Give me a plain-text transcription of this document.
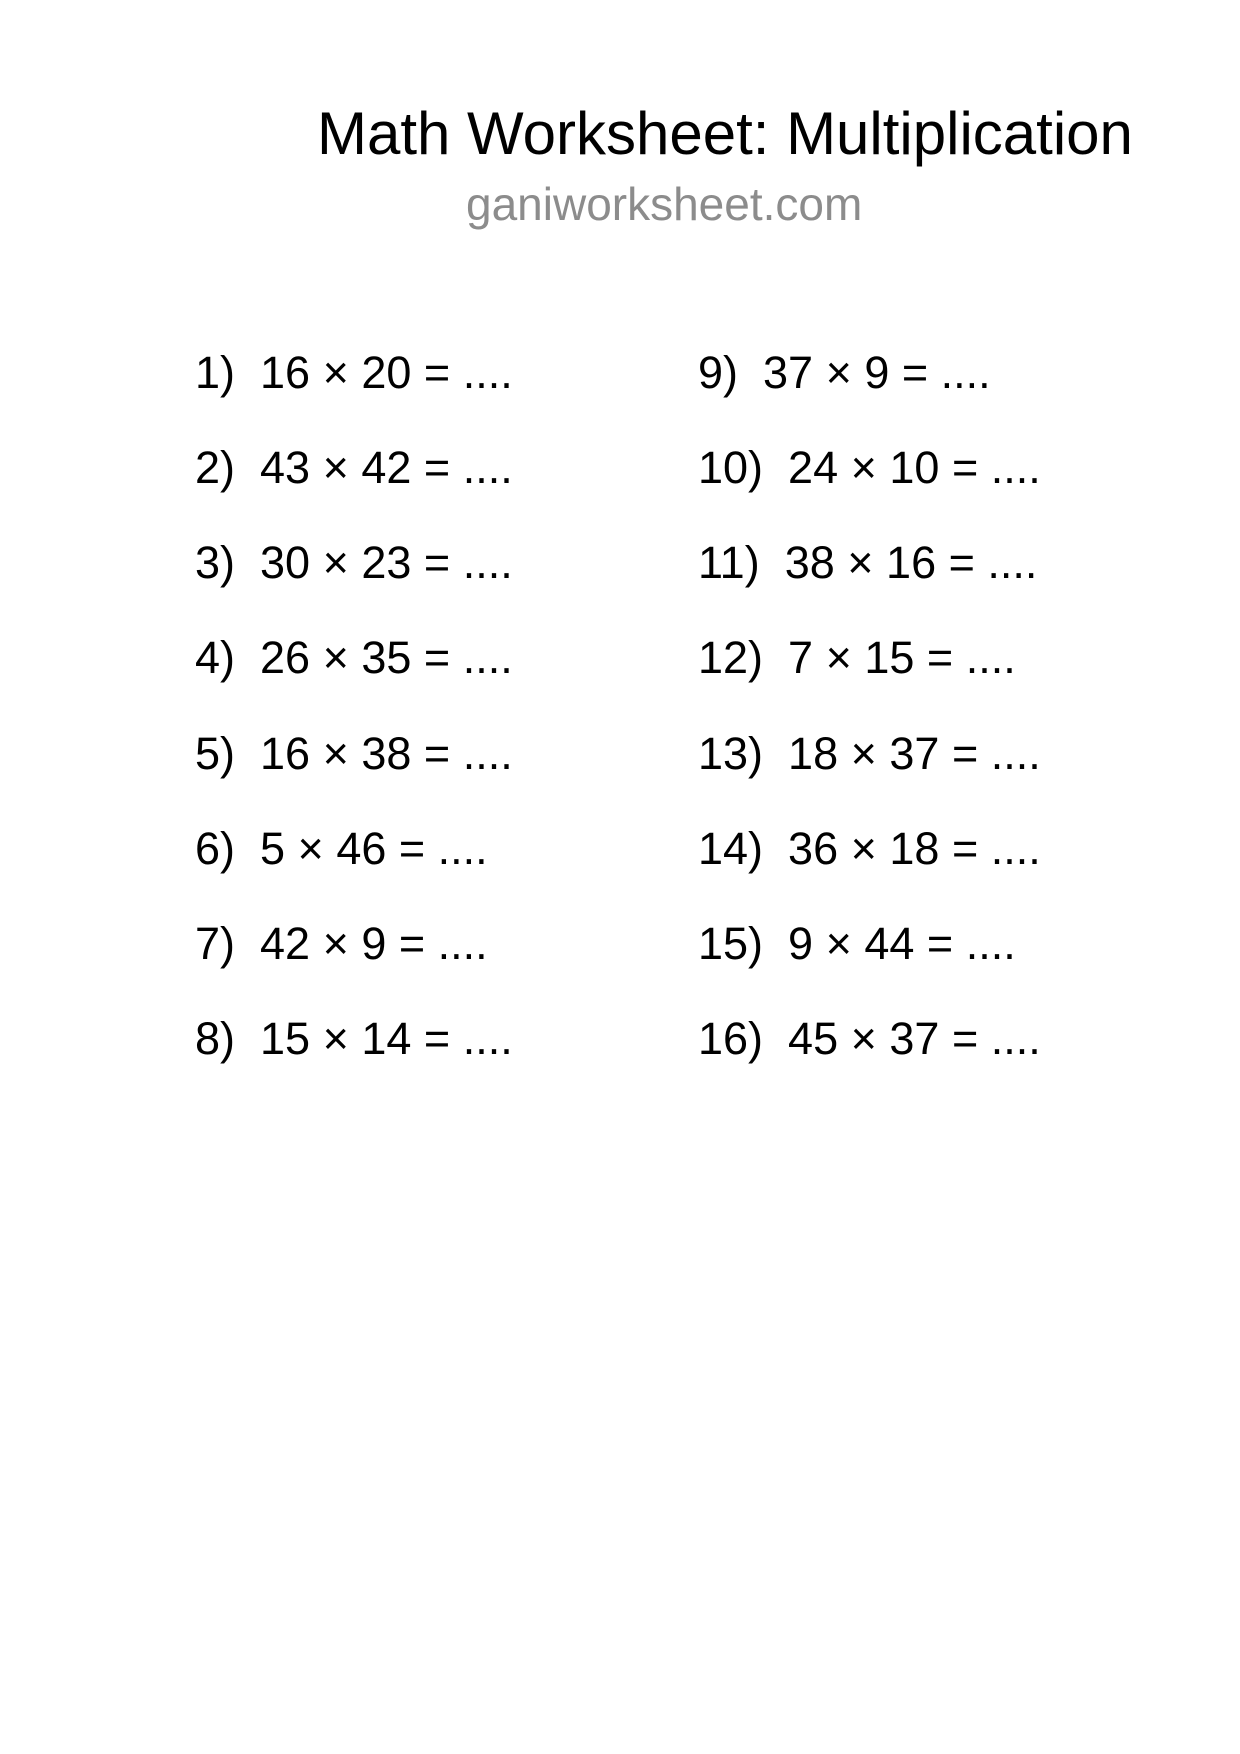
Math Worksheet: Multiplication
ganiworksheet.com
1) 16 × 20 = ....
2) 43 × 42 = ....
3) 30 × 23 = ....
4) 26 × 35 = ....
5) 16 × 38 = ....
6) 5 × 46 = ....
7) 42 × 9 = ....
8) 15 × 14 = ....
9) 37 × 9 = ....
10) 24 × 10 = ....
11) 38 × 16 = ....
12) 7 × 15 = ....
13) 18 × 37 = ....
14) 36 × 18 = ....
15) 9 × 44 = ....
16) 45 × 37 = ....
